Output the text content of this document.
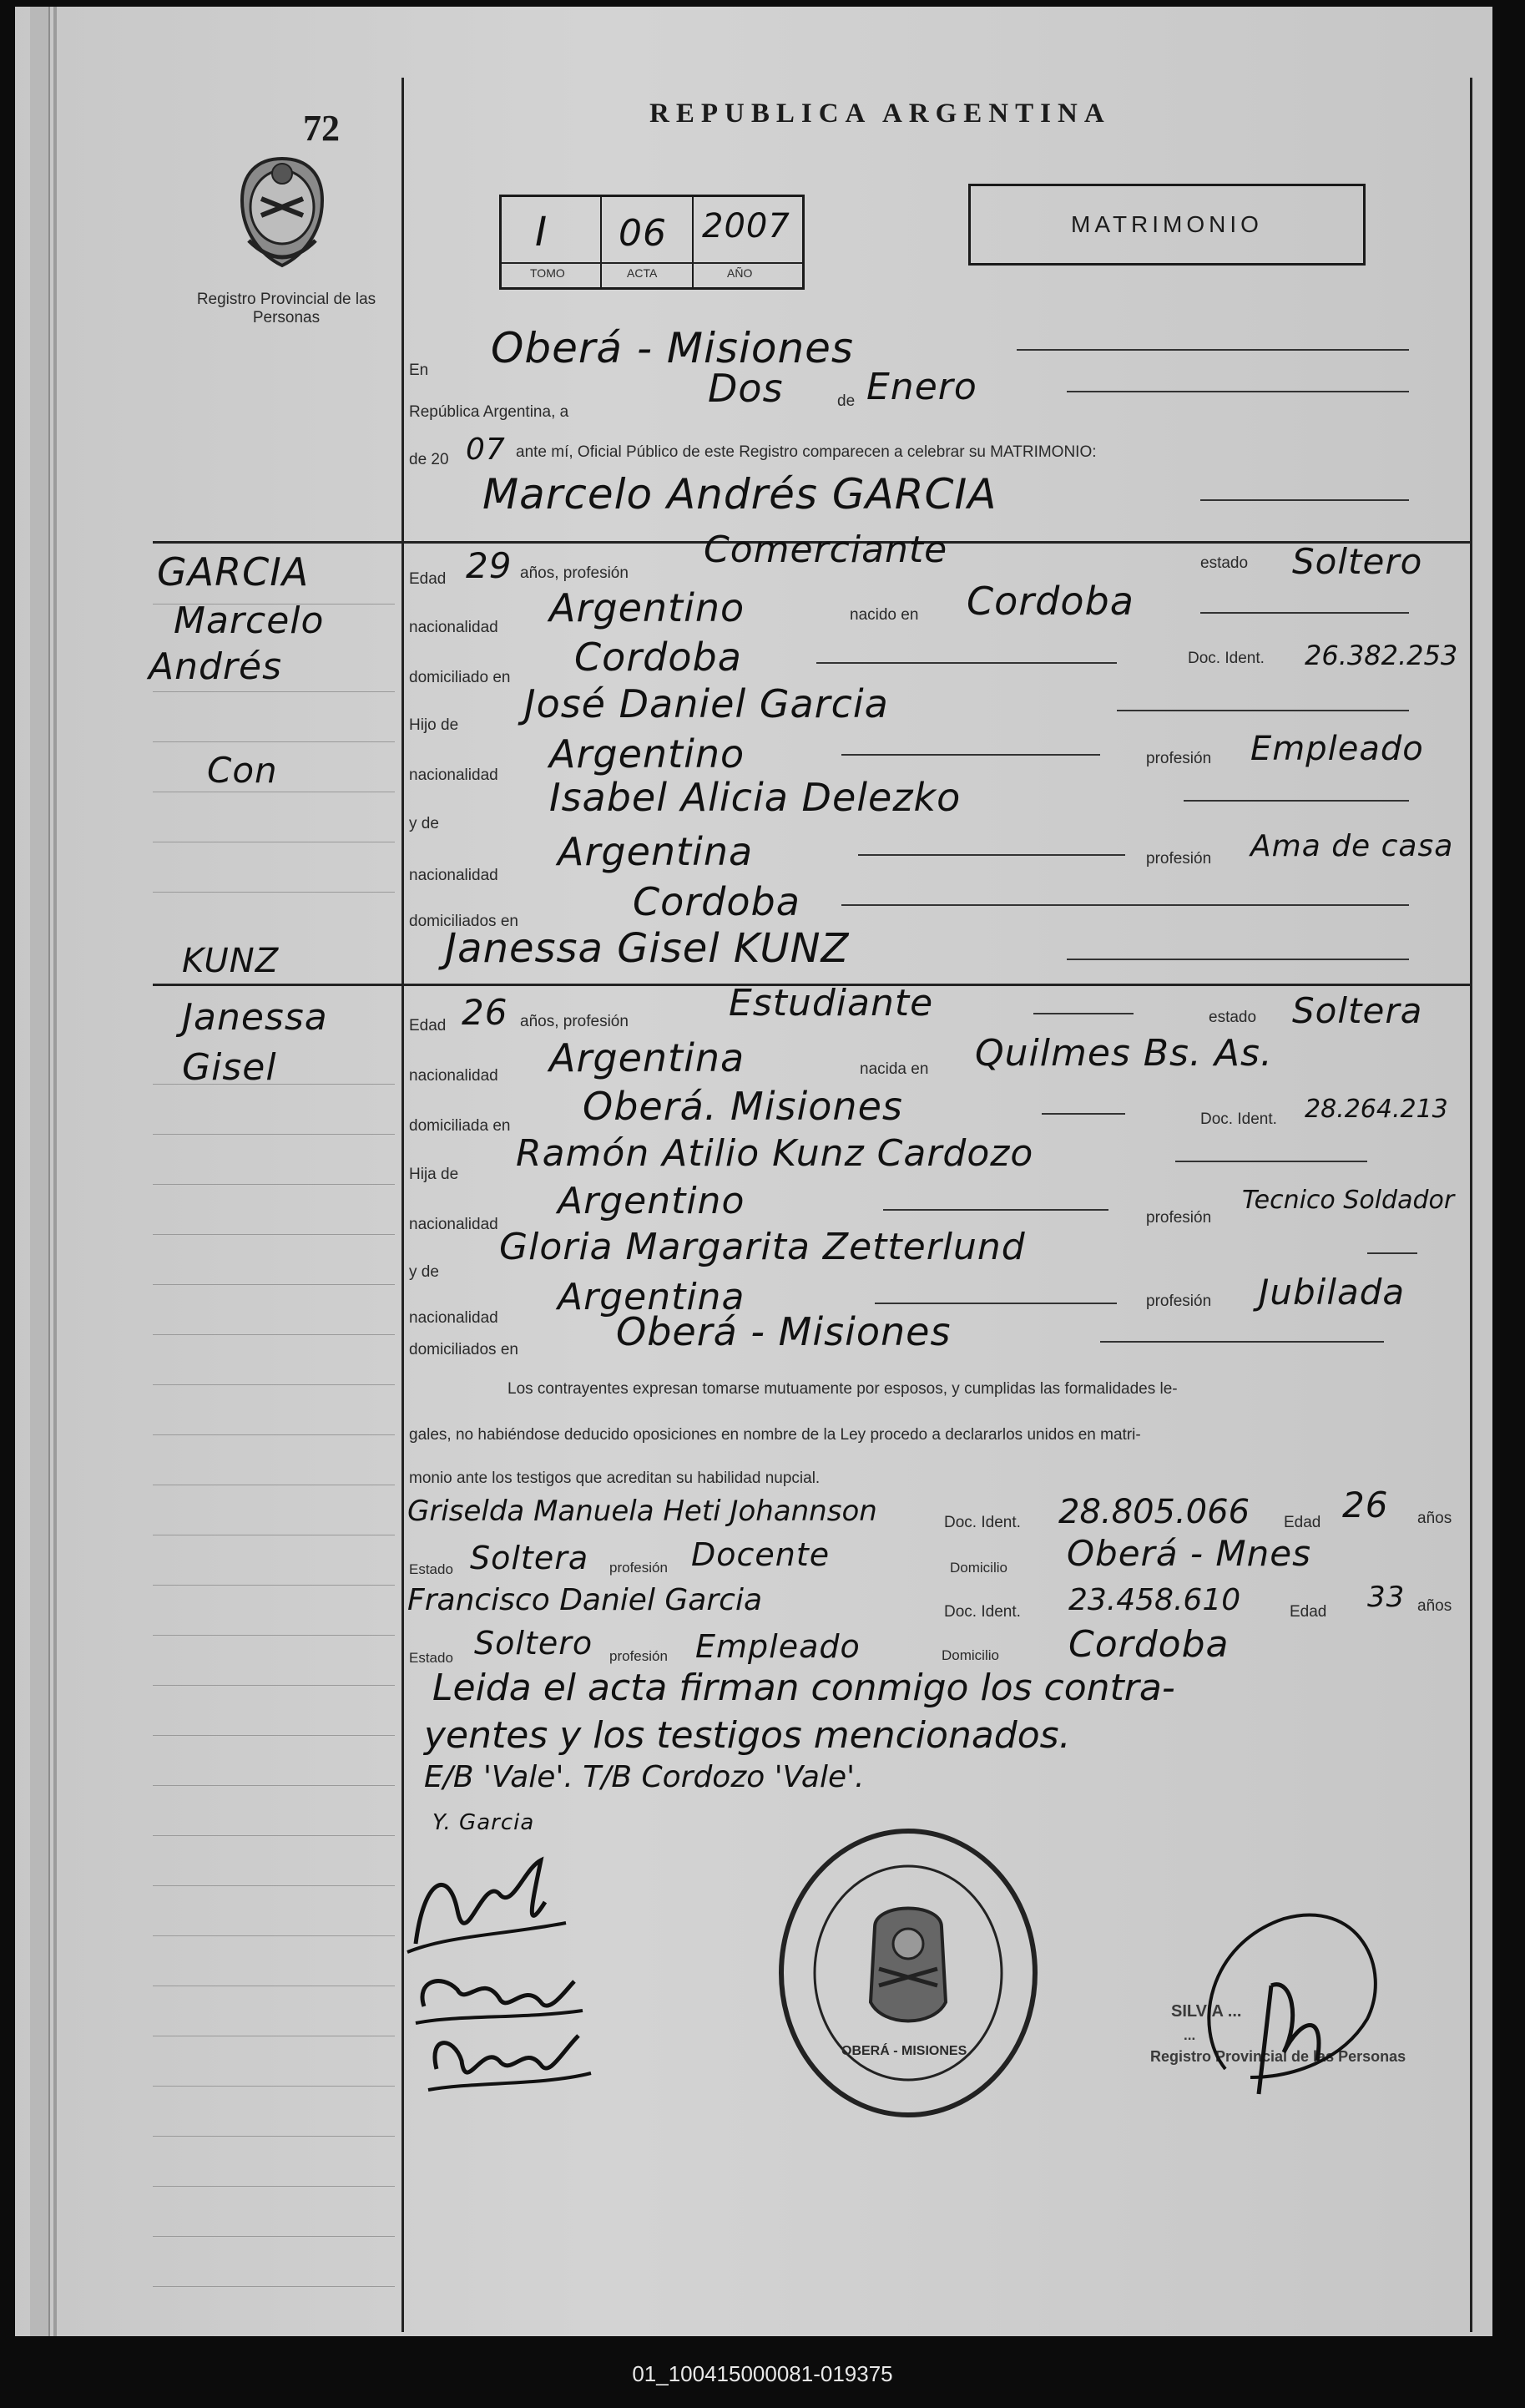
72	REPUBLICA ARGENTINA
Registro Provincial de las Personas
I 06 2007
TOMO	ACTA	AÑO
MATRIMONIO
En Oberá - Misiones
República Argentina, a
Dos	de Enero
de 20 07 ante mí, Oficial Público de este Registro comparecen a celebrar su MATRIMONIO:
Marcelo Andrés GARCIA
GARCIA
Marcelo
Andrés
Con
KUNZ
Janessa
Gisel
Edad 29 años, profesión
Comerciante	estado Soltero
nacionalidad Argentino	nacido en Cordoba
domiciliado en Cordoba	Doc. Ident. 26.382.253
Hijo de José Daniel Garcia
nacionalidad Argentino	profesión Empleado
y de
Isabel Alicia Delezko
nacionalidad
Argentina	profesión Ama de casa
domiciliados en	Cordoba
Janessa Gisel KUNZ
Edad 26 años, profesión	Estudiante	estado Soltera
nacionalidad Argentina	nacida en Quilmes Bs. As.
domiciliada en Oberá. Misiones	Doc. Ident. 28.264.213
Hija de Ramón Atilio Kunz Cardozo
nacionalidad
Argentino	profesión
Tecnico Soldador
y de
Gloria Margarita Zetterlund
nacionalidad Argentina	profesión Jubilada
domiciliados en	Oberá - Misiones
Los contrayentes expresan tomarse mutuamente por esposos, y cumplidas las formalidades le-
gales, no habiéndose deducido oposiciones en nombre de la Ley procedo a declararlos unidos en matri-
monio ante los testigos que acreditan su habilidad nupcial.
Griselda Manuela Heti Johannson	Doc. Ident. 28.805.066 Edad 26 años
Estado Soltera profesión Docente	Domicilio Oberá - Mnes
Francisco Daniel Garcia	Doc. Ident. 23.458.610	Edad 33 años
Estado Soltero profesión Empleado	Domicilio Cordoba
Leida el acta firman conmigo los contra-
yentes y los testigos mencionados.
E/B 'Vale'. T/B Cordozo 'Vale'.
Y. Garcia
OBERÁ - MISIONES
SILVIA ...
...
Registro Provincial de las Personas
01_100415000081-019375
